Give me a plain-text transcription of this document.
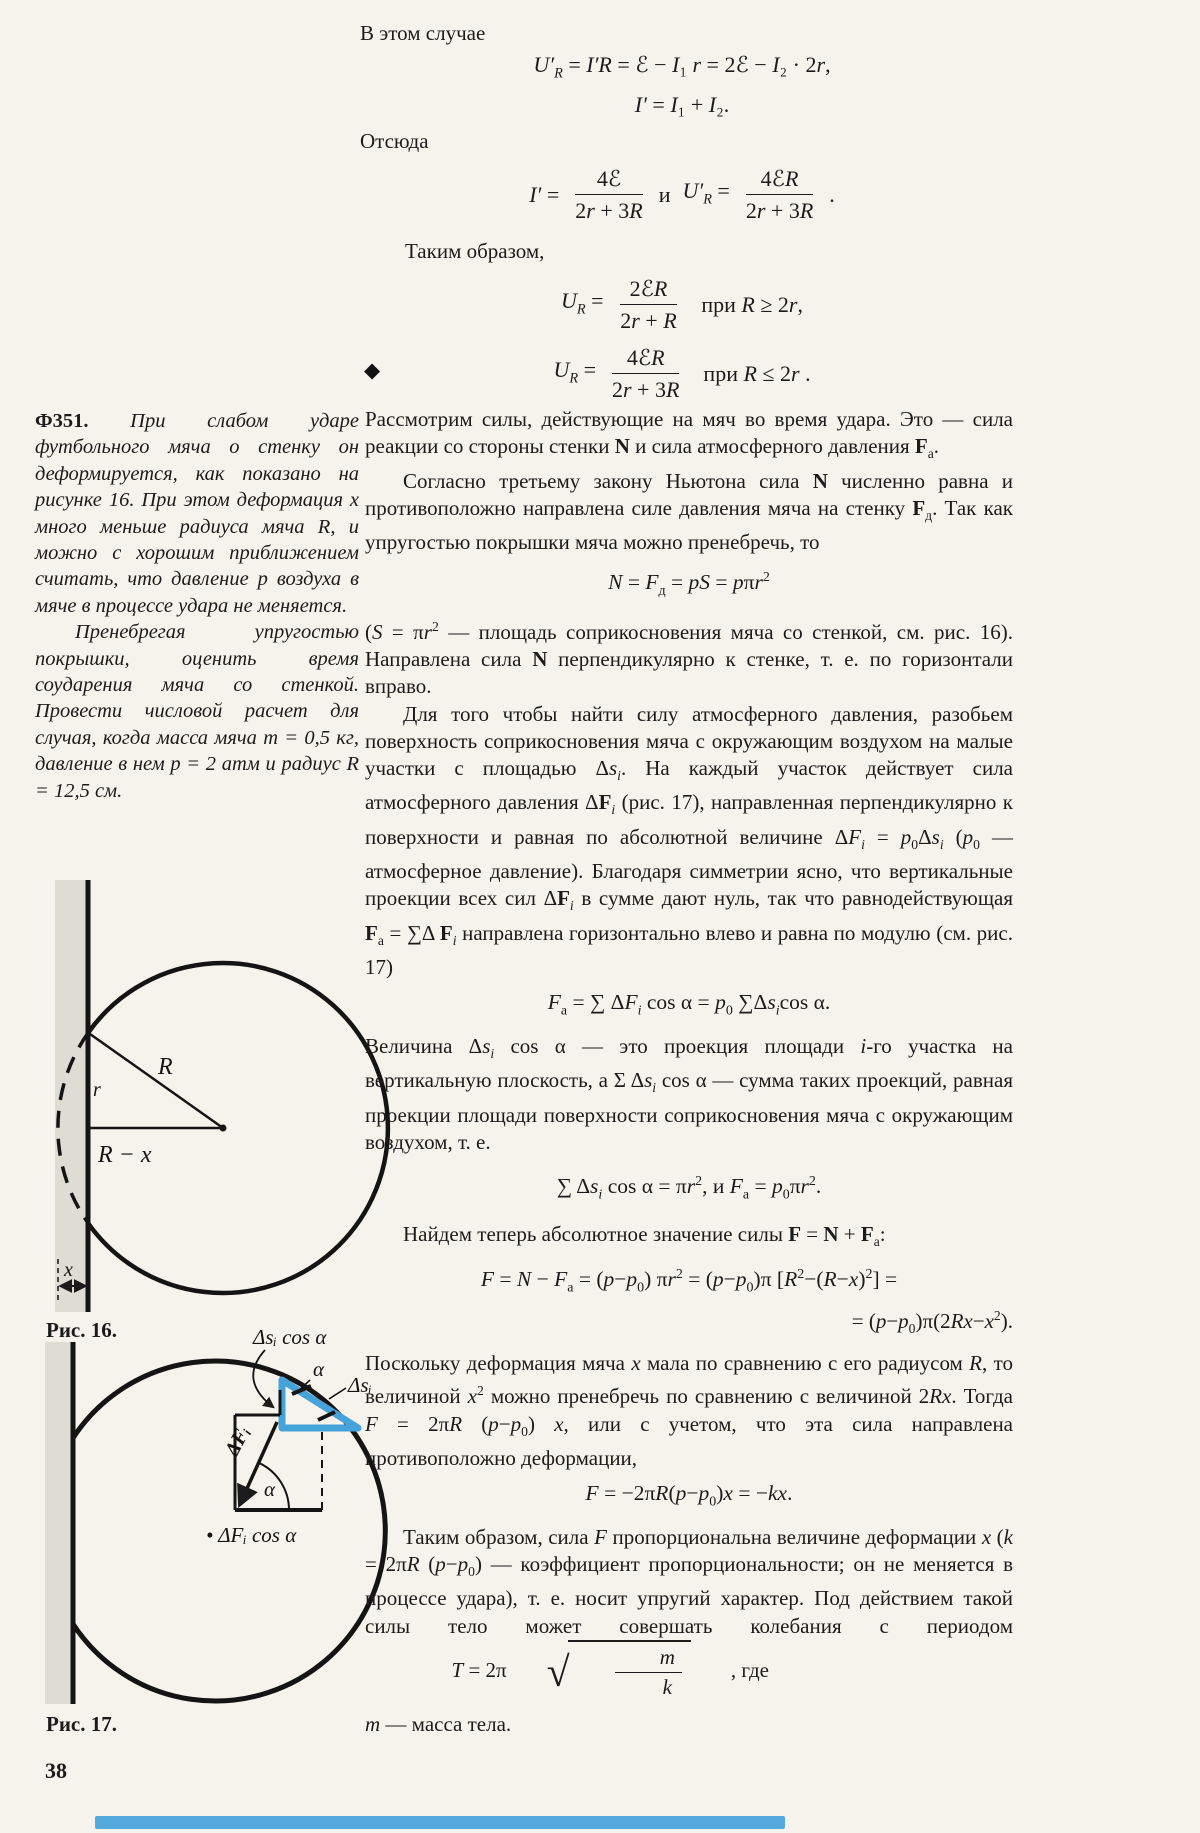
В этом случае

$U'_R = I'R$ = ℰ − I₁ r = 2ℰ − I₂ · 2r,
I′ = I₁ + I₂.

Отсюда

$I' = \frac{\text{4ℰ}}{2r + 3R}$ и $U'_R = \frac{\text{4ℰR}}{2r + 3R}$ .

Таким образом,

$U_R = \frac{\text{2ℰR}}{2r + R}$ при R ≥ 2r,
$U_R = \frac{\text{4ℰR}}{2r + 3R}$ при R ≤ 2r .
◆

Ф351. При слабом ударе футбольного мяча о стенку он деформируется, как показано на рисунке 16. При этом деформация x много меньше радиуса мяча R, и можно с хорошим приближением считать, что давление p воздуха в мяче в процессе удара не меняется.

Пренебрегая упругостью покрышки, оценить время соударения мяча со стенкой. Провести числовой расчет для случая, когда масса мяча m = 0,5 кг, давление в нем p = 2 атм и радиус R = 12,5 см.

R
r
R − x
x
Рис. 16.	Δsᵢ cos α
α
Δsᵢ
ΔFᵢ
α
• ΔFᵢ cos α
Рис. 17.

Рассмотрим силы, действующие на мяч во время удара. Это — сила реакции со стороны стенки N и сила атмосферного давления $F_а$.

Согласно третьему закону Ньютона сила N численно равна и противоположно направлена силе давления мяча на стенку $F_д$. Так как упругостью покрышки мяча можно пренебречь, то

$N = F_д$ = pS = pπr$^2$

($S = \pi r^2$ — площадь соприкосновения мяча со стенкой, см. рис. 16). Направлена сила N перпендикулярно к стенке, т. е. по горизонтали вправо.

Для того чтобы найти силу атмосферного давления, разобьем поверхность соприкосновения мяча с окружающим воздухом на малые участки с площадью $\Delta s_i$. На каждый участок действует сила атмосферного давления $\Delta F_i$ (рис. 17), направленная перпендикулярно к поверхности и равная по абсолютной величине $\Delta F_i = p_0\Delta s_i$ ($p_0$ — атмосферное давление). Благодаря симметрии ясно, что вертикальные проекции всех сил $\Delta F_i$ в сумме дают нуль, так что равнодействующая $F_а = \sum\Delta$ $F_i$ направлена горизонтально влево и равна по модулю (см. рис. 17)

$F_а$ = ∑ $\Delta F_i$ $\cos \alpha = p_0$ $\sum\Delta s_i\cos$ α.

Величина $\Delta s_i$ cos α — это проекция площади i-го участка на вертикальную плоскость, а Σ $\Delta s_i$ cos α — сумма таких проекций, равная проекции площади поверхности соприкосновения мяча с окружающим воздухом, т. е.

∑ $\Delta s_i$ $\cos \alpha = \pi r^2$, и $F_а = p_0\pi r^2$.

Найдем теперь абсолютное значение силы $F = N + F_а$:

$F = N - F_а = (p-p_0) \pi r^2 = (p-p_0)\pi$ $[R^2-(R-x)^2]$ =
= $(p-p_0)\pi(2Rx-x^2)$.

Поскольку деформация мяча x мала по сравнению с его радиусом R, то величиной $x^2$ можно пренебречь по сравнению с величиной 2Rx. Тогда F = 2πR $(p-p_0)$ x, или с учетом, что эта сила направлена противоположно деформации,

$F = -2\pi R(p-p_0)x = -kx$.

Таким образом, сила F пропорциональна величине деформации x (k = 2πR $(p-p_0)$ — коэффициент пропорциональности; он не меняется в процессе удара), т. е. носит упругий характер. Под действием такой силы тело может совершать колебания с периодом
T = 2π √ $\frac{m}{k}$	, где

m — масса тела.

38
